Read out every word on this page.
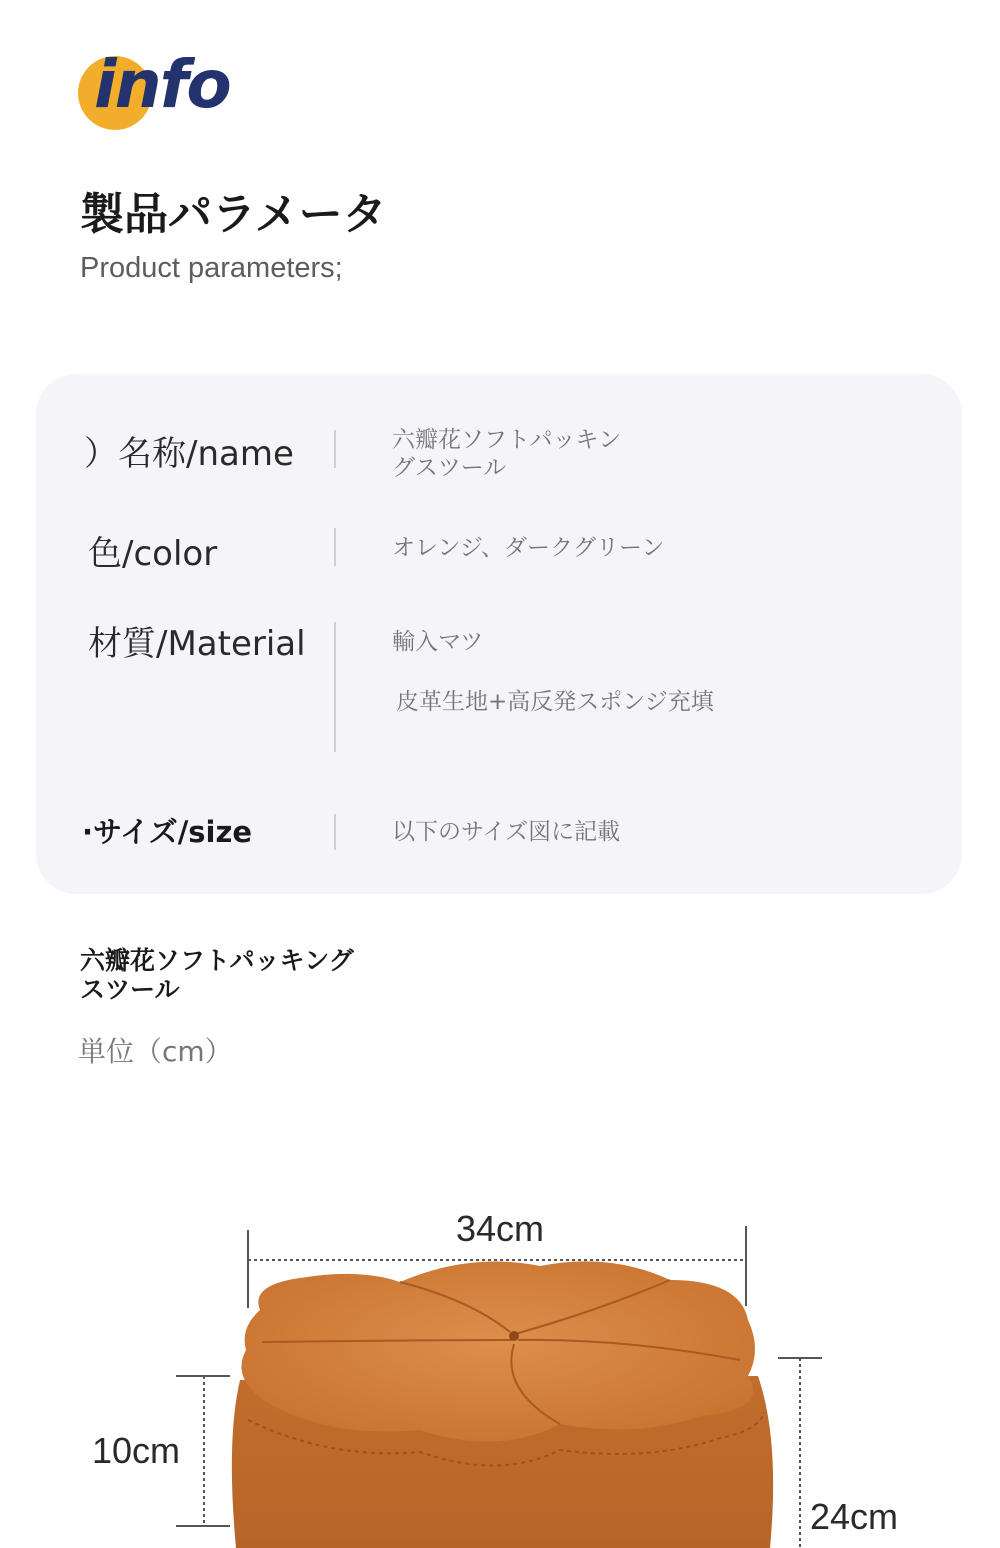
info
製品パラメータ
Product parameters;
）名称/name	六瓣花ソフトパッキン
グスツール
色/color	オレンジ、ダークグリーン
材質/Material	輸入マツ
皮革生地+高反発スポンジ充填
·サイズ/size	以下のサイズ図に記載
六瓣花ソフトパッキング
スツール
単位（cm）
34cm
10cm
24cm
